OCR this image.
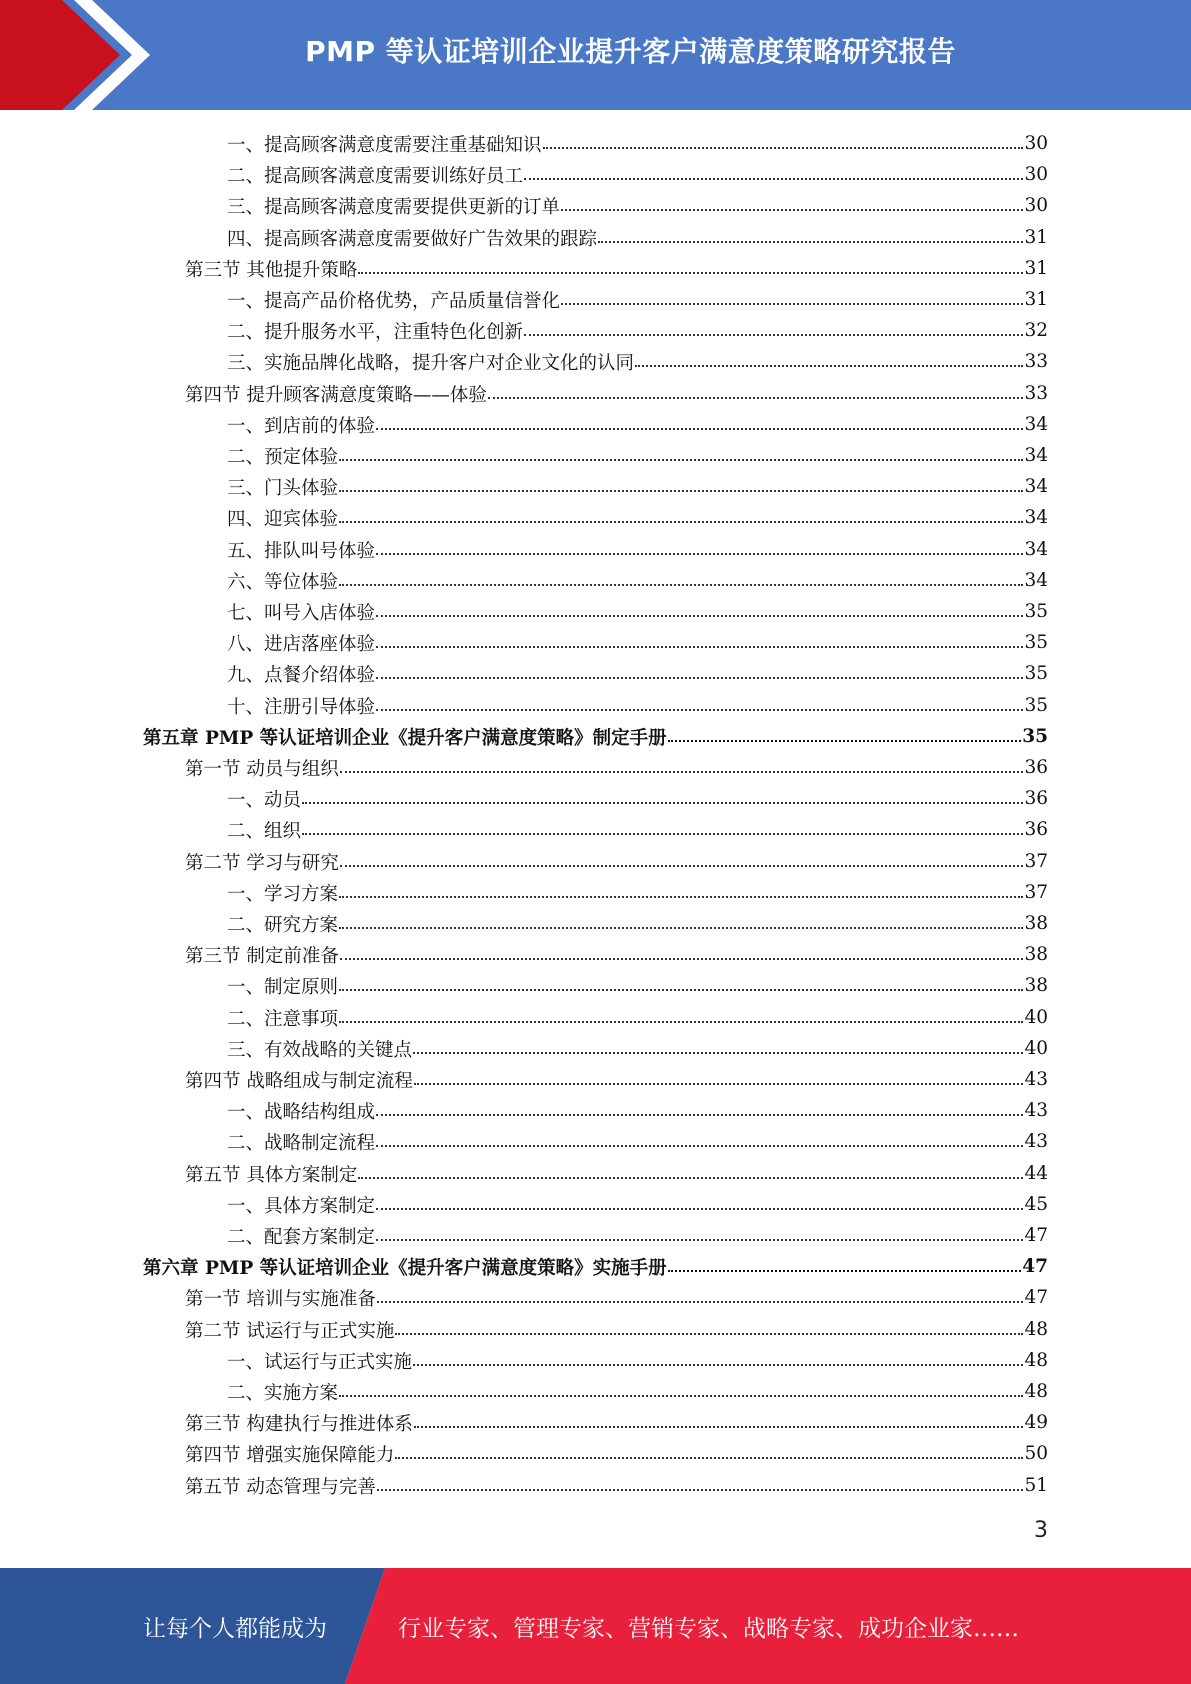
PMP 等认证培训企业提升客户满意度策略研究报告
一、提高顾客满意度需要注重基础知识	30
二、提高顾客满意度需要训练好员工	30
三、提高顾客满意度需要提供更新的订单	30
四、提高顾客满意度需要做好广告效果的跟踪	31
第三节 其他提升策略	31
一、提高产品价格优势，产品质量信誉化	31
二、提升服务水平，注重特色化创新	32
三、实施品牌化战略，提升客户对企业文化的认同	33
第四节 提升顾客满意度策略——体验	33
一、到店前的体验	34
二、预定体验	34
三、门头体验	34
四、迎宾体验	34
五、排队叫号体验	34
六、等位体验	34
七、叫号入店体验	35
八、进店落座体验	35
九、点餐介绍体验	35
十、注册引导体验	35
第五章 PMP 等认证培训企业《提升客户满意度策略》制定手册	35
第一节 动员与组织	36
一、动员	36
二、组织	36
第二节 学习与研究	37
一、学习方案	37
二、研究方案	38
第三节 制定前准备	38
一、制定原则	38
二、注意事项	40
三、有效战略的关键点	40
第四节 战略组成与制定流程	43
一、战略结构组成	43
二、战略制定流程	43
第五节 具体方案制定	44
一、具体方案制定	45
二、配套方案制定	47
第六章 PMP 等认证培训企业《提升客户满意度策略》实施手册	47
第一节 培训与实施准备	47
第二节 试运行与正式实施	48
一、试运行与正式实施	48
二、实施方案	48
第三节 构建执行与推进体系	49
第四节 增强实施保障能力	50
第五节 动态管理与完善	51
3
让每个人都能成为	行业专家、管理专家、营销专家、战略专家、成功企业家……
